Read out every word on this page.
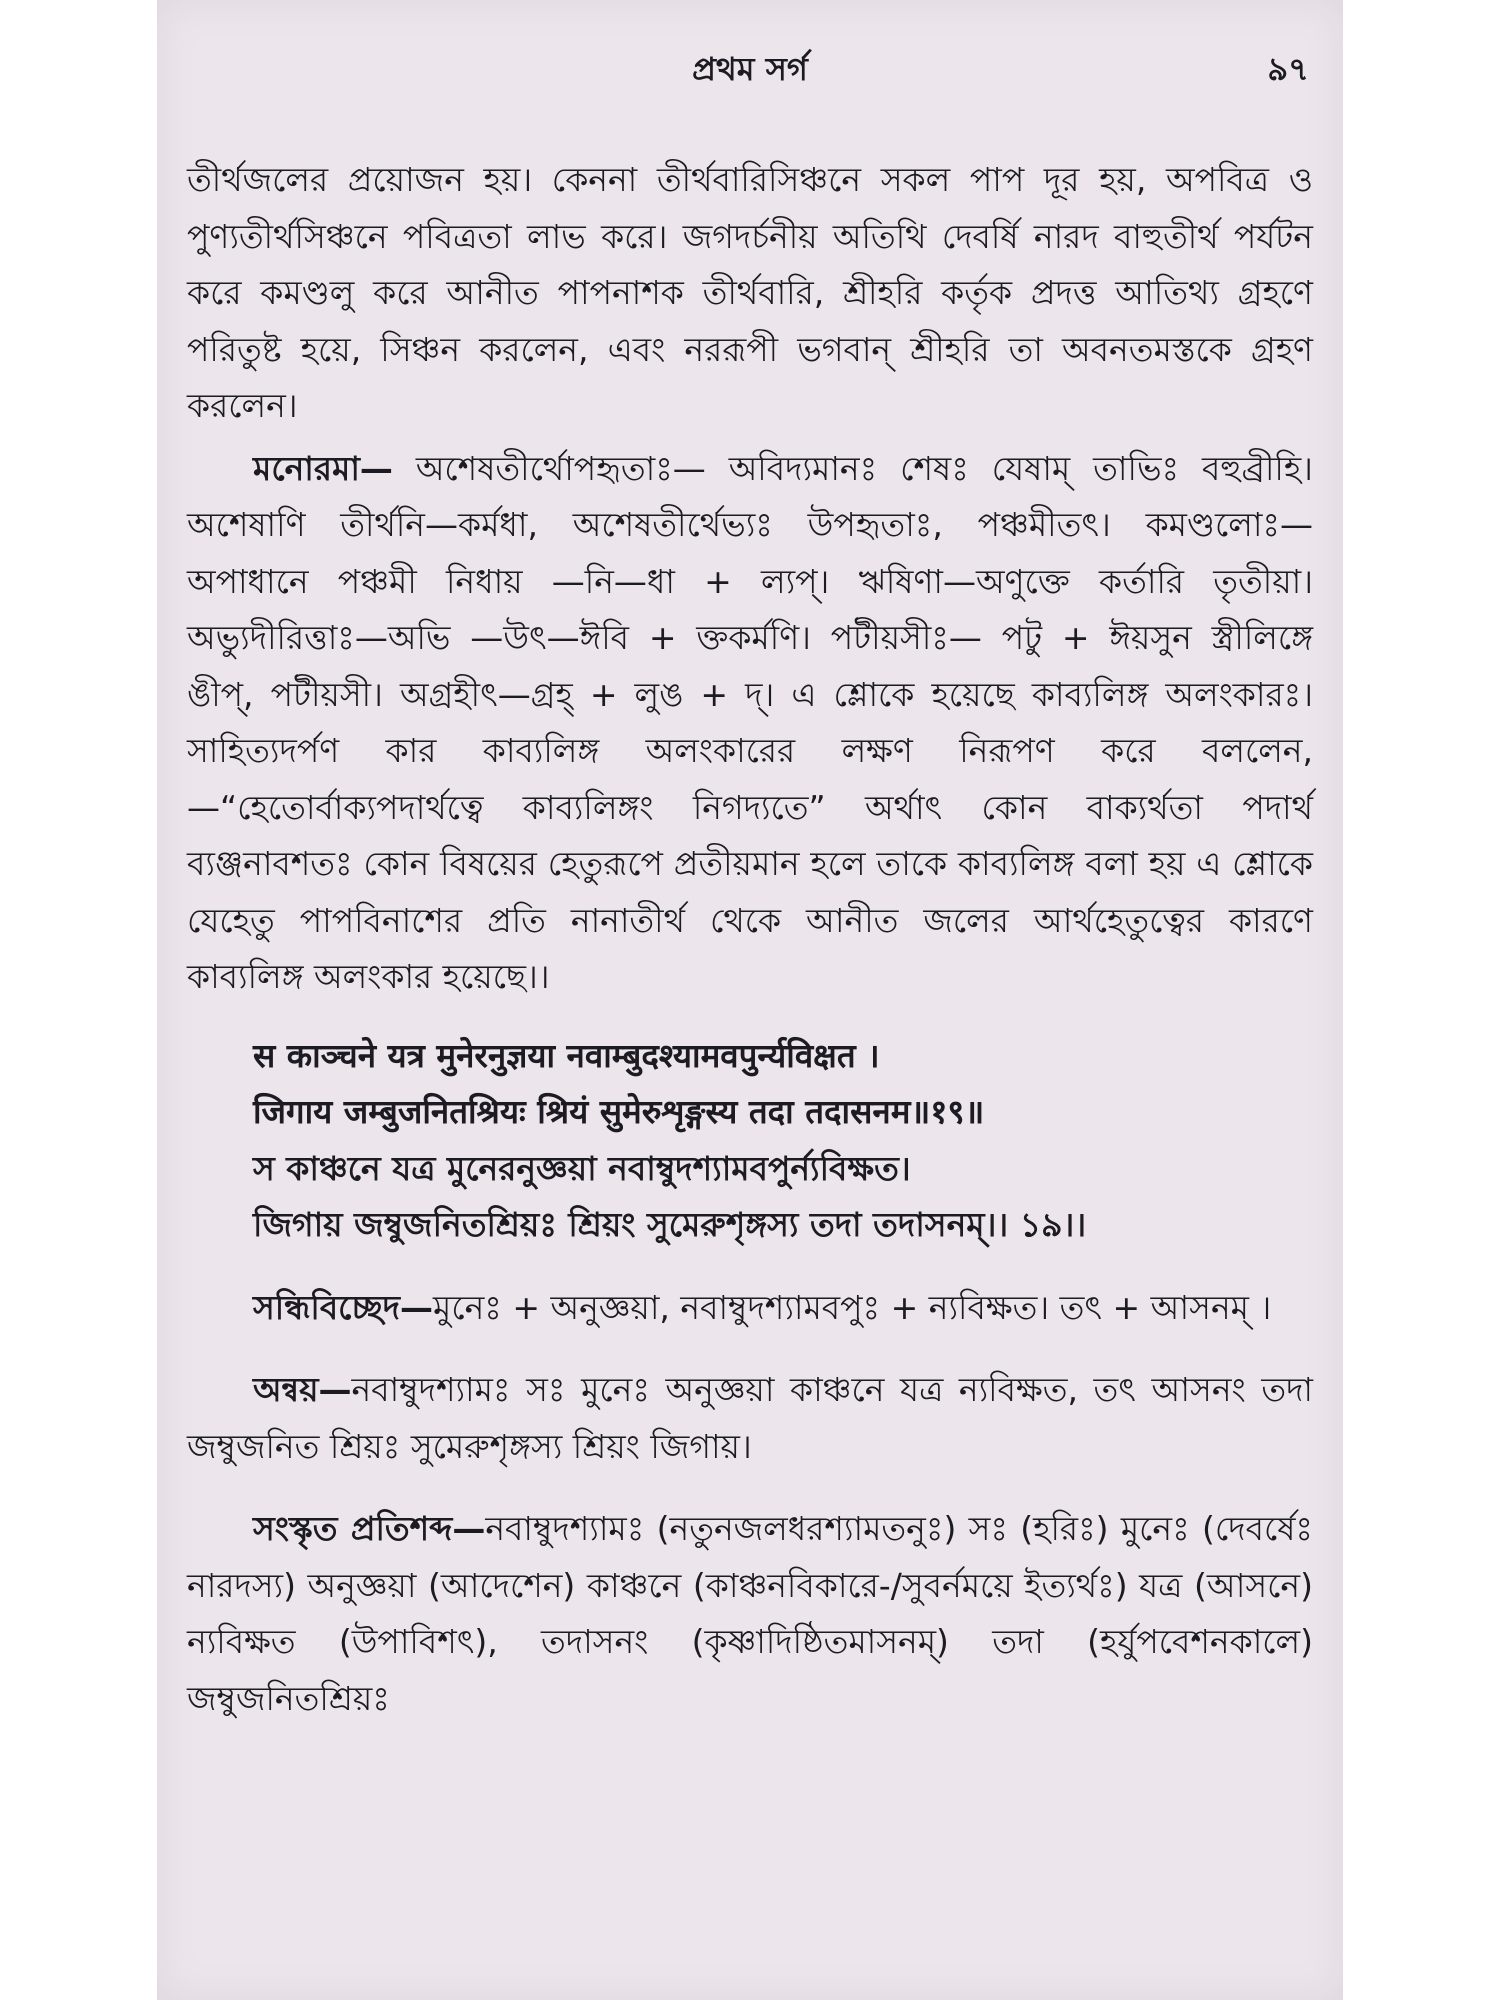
প্রথম সর্গ	৯৭

তীর্থজলের প্রয়োজন হয়। কেননা তীর্থবারিসিঞ্চনে সকল পাপ দূর হয়, অপবিত্র ও পুণ্যতীর্থসিঞ্চনে পবিত্রতা লাভ করে। জগদর্চনীয় অতিথি দেবর্ষি নারদ বাহুতীর্থ পর্যটন করে কমণ্ডলু করে আনীত পাপনাশক তীর্থবারি, শ্রীহরি কর্তৃক প্রদত্ত আতিথ্য গ্রহণে পরিতুষ্ট হয়ে, সিঞ্চন করলেন, এবং নররূপী ভগবান্ শ্রীহরি তা অবনতমস্তকে গ্রহণ করলেন।

মনোরমা— অশেষতীর্থোপহৃতাঃ— অবিদ্যমানঃ শেষঃ যেষাম্ তাভিঃ বহুব্রীহি। অশেষাণি তীর্থনি—কর্মধা, অশেষতীর্থেভ্যঃ উপহৃতাঃ, পঞ্চমীতৎ। কমণ্ডলোঃ—অপাধানে পঞ্চমী নিধায় —নি—ধা + ল্যপ্। ঋষিণা—অণুক্তে কর্তারি তৃতীয়া। অভ্যুদীরিত্তাঃ—অভি —উৎ—ঈবি + ক্তকর্মণি। পটীয়সীঃ— পটু + ঈয়সুন স্ত্রীলিঙ্গে ঙীপ্, পটীয়সী। অগ্রহীৎ—গ্রহ্ + লুঙ + দ্। এ শ্লোকে হয়েছে কাব্যলিঙ্গ অলংকারঃ। সাহিত্যদর্পণ কার কাব্যলিঙ্গ অলংকারের লক্ষণ নিরূপণ করে বললেন,—“হেতোর্বাক্যপদার্থত্বে কাব্যলিঙ্গং নিগদ্যতে” অর্থাৎ কোন বাক্যর্থতা পদার্থ ব্যঞ্জনাবশতঃ কোন বিষয়ের হেতুরূপে প্রতীয়মান হলে তাকে কাব্যলিঙ্গ বলা হয় এ শ্লোকে যেহেতু পাপবিনাশের প্রতি নানাতীর্থ থেকে আনীত জলের আর্থহেতুত্বের কারণে কাব্যলিঙ্গ অলংকার হয়েছে।।

स काञ्चने यत्र मुनेरनुज्ञया नवाम्बुदश्यामवपुर्न्यविक्षत ।

जिगाय जम्बुजनितश्रियः श्रियं सुमेरुशृङ्गस्य तदा तदासनम॥१९॥

স কাঞ্চনে যত্র মুনেরনুজ্ঞয়া নবাম্বুদশ্যামবপুর্ন্যবিক্ষত।

জিগায় জম্বুজনিতশ্রিয়ঃ শ্রিয়ং সুমেরুশৃঙ্গস্য তদা তদাসনম্।। ১৯।।

সন্ধিবিচ্ছেদ—মুনেঃ + অনুজ্ঞয়া, নবাম্বুদশ্যামবপুঃ + ন্যবিক্ষত। তৎ + আসনম্ ।

অন্বয়—নবাম্বুদশ্যামঃ সঃ মুনেঃ অনুজ্ঞয়া কাঞ্চনে যত্র ন্যবিক্ষত, তৎ আসনং তদা জম্বুজনিত শ্রিয়ঃ সুমেরুশৃঙ্গস্য শ্রিয়ং জিগায়।

সংস্কৃত প্রতিশব্দ—নবাম্বুদশ্যামঃ (নতুনজলধরশ্যামতনুঃ) সঃ (হরিঃ) মুনেঃ (দেবর্ষেঃ নারদস্য) অনুজ্ঞয়া (আদেশেন) কাঞ্চনে (কাঞ্চনবিকারে-/সুবর্নময়ে ইত্যর্থঃ) যত্র (আসনে) ন্যবিক্ষত (উপাবিশৎ), তদাসনং (কৃষ্ণাদিষ্ঠিতমাসনম্) তদা (হর্যুপবেশনকালে) জম্বুজনিতশ্রিয়ঃ
